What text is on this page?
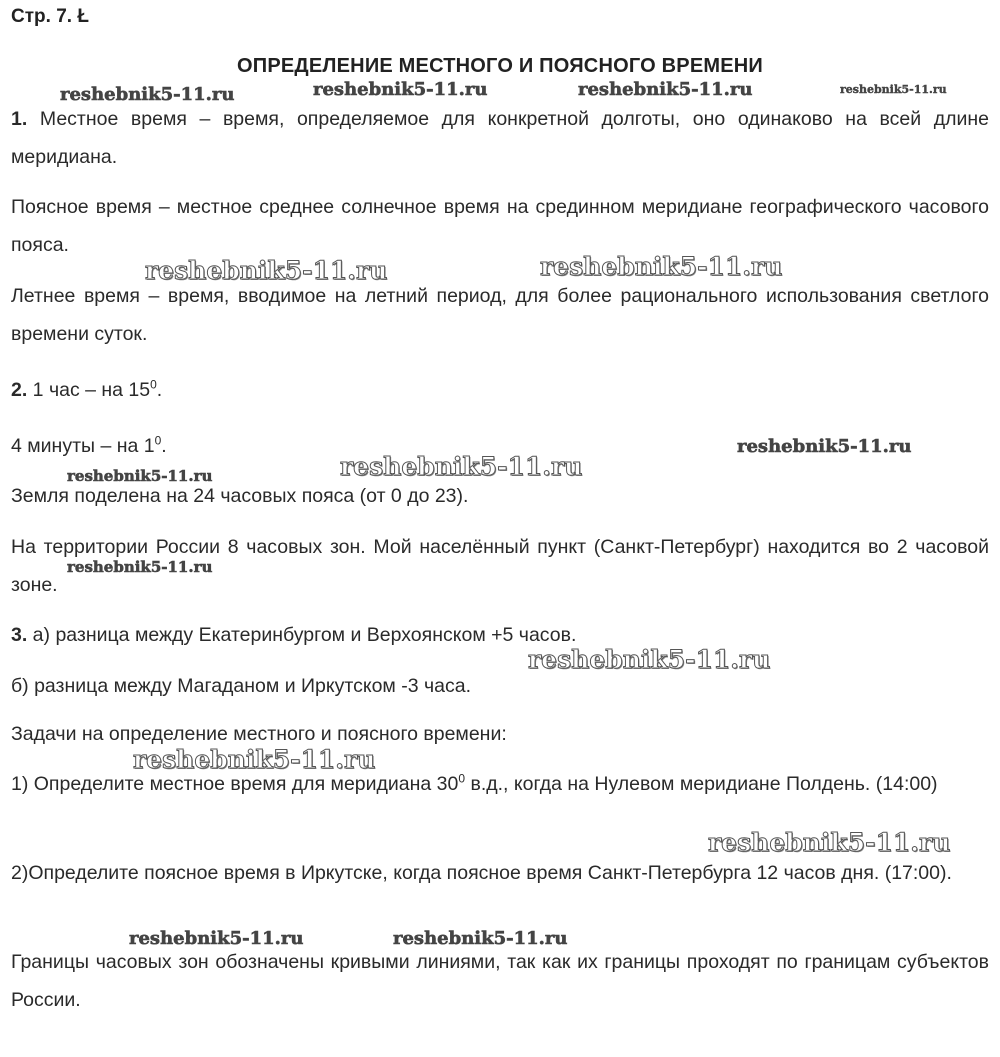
Стр. 7. Ł
ОПРЕДЕЛЕНИЕ МЕСТНОГО И ПОЯСНОГО ВРЕМЕНИ
1. Местное время – время, определяемое для конкретной долготы, оно одинаково на всей длине меридиана.
Поясное время – местное среднее солнечное время на срединном меридиане географического часового пояса.
Летнее время – время, вводимое на летний период, для более рационального использования светлого времени суток.
2. 1 час – на $15^0$.
4 минуты – на $1^0$.
Земля поделена на 24 часовых пояса (от 0 до 23).
На территории России 8 часовых зон. Мой населённый пункт (Санкт-Петербург) находится во 2 часовой зоне.
3. а) разница между Екатеринбургом и Верхоянском +5 часов.
б) разница между Магаданом и Иркутском -3 часа.
Задачи на определение местного и поясного времени:
1) Определите местное время для меридиана $30^0$ в.д., когда на Нулевом меридиане Полдень. (14:00)
2)Определите поясное время в Иркутске, когда поясное время Санкт-Петербурга 12 часов дня. (17:00).
Границы часовых зон обозначены кривыми линиями, так как их границы проходят по границам субъектов России.
reshebnik5-11.ru	reshebnik5-11.ru	reshebnik5-11.ru	reshebnik5-11.ru
reshebnik5-11.ru	reshebnik5-11.ru
reshebnik5-11.ru
reshebnik5-11.ru
reshebnik5-11.ru
reshebnik5-11.ru
reshebnik5-11.ru
reshebnik5-11.ru
reshebnik5-11.ru
reshebnik5-11.ru	reshebnik5-11.ru
